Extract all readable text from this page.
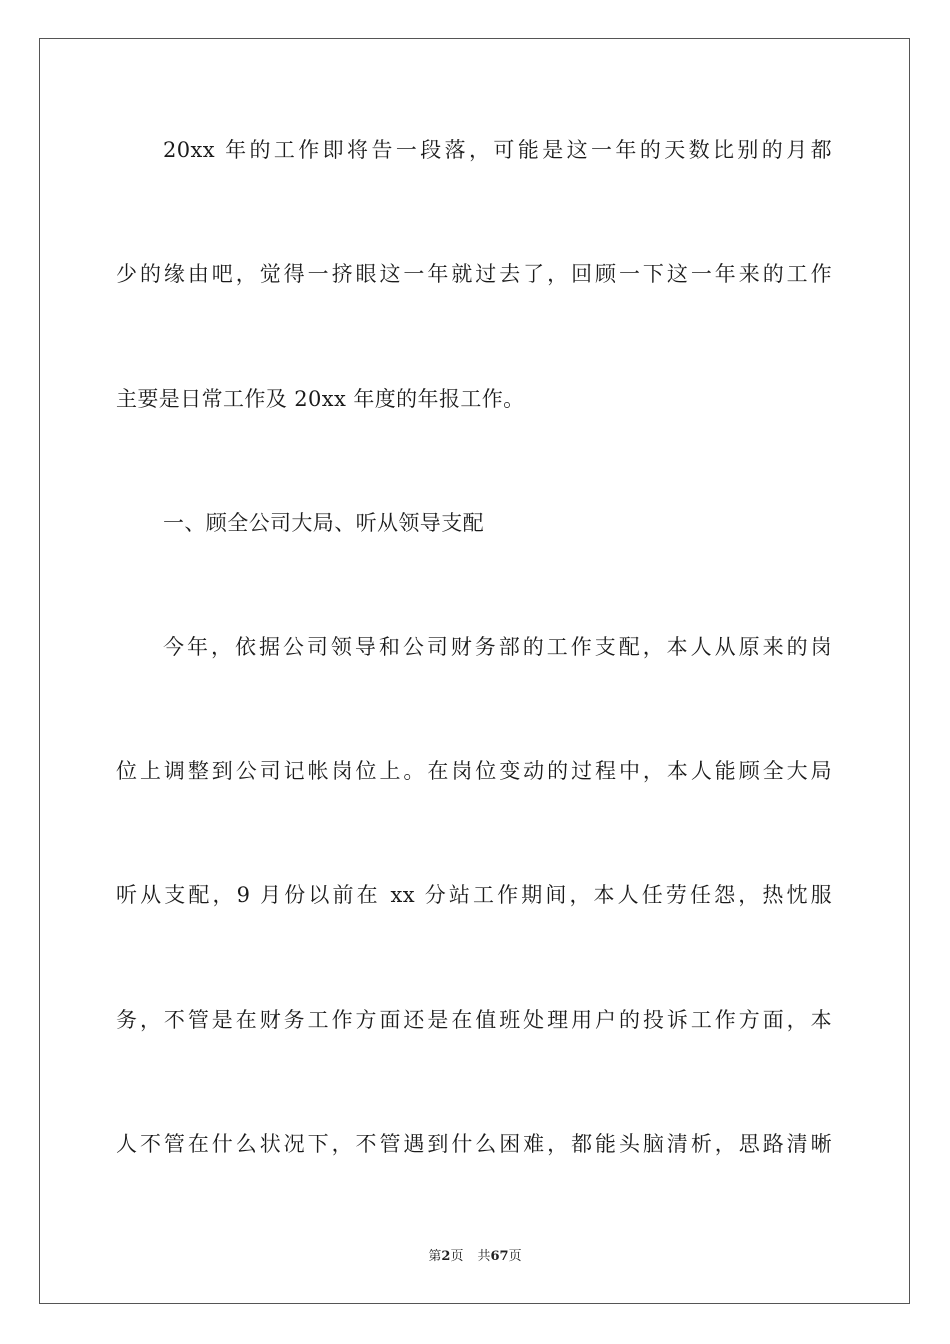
20xx 年的工作即将告一段落，可能是这一年的天数比别的月都
少的缘由吧，觉得一挤眼这一年就过去了，回顾一下这一年来的工作
主要是日常工作及 20xx 年度的年报工作。
一、顾全公司大局、听从领导支配
今年，依据公司领导和公司财务部的工作支配，本人从原来的岗
位上调整到公司记帐岗位上。在岗位变动的过程中，本人能顾全大局
听从支配，9 月份以前在 xx 分站工作期间，本人任劳任怨，热忱服
务，不管是在财务工作方面还是在值班处理用户的投诉工作方面，本
人不管在什么状况下，不管遇到什么困难，都能头脑清析，思路清晰
第2页 共67页
